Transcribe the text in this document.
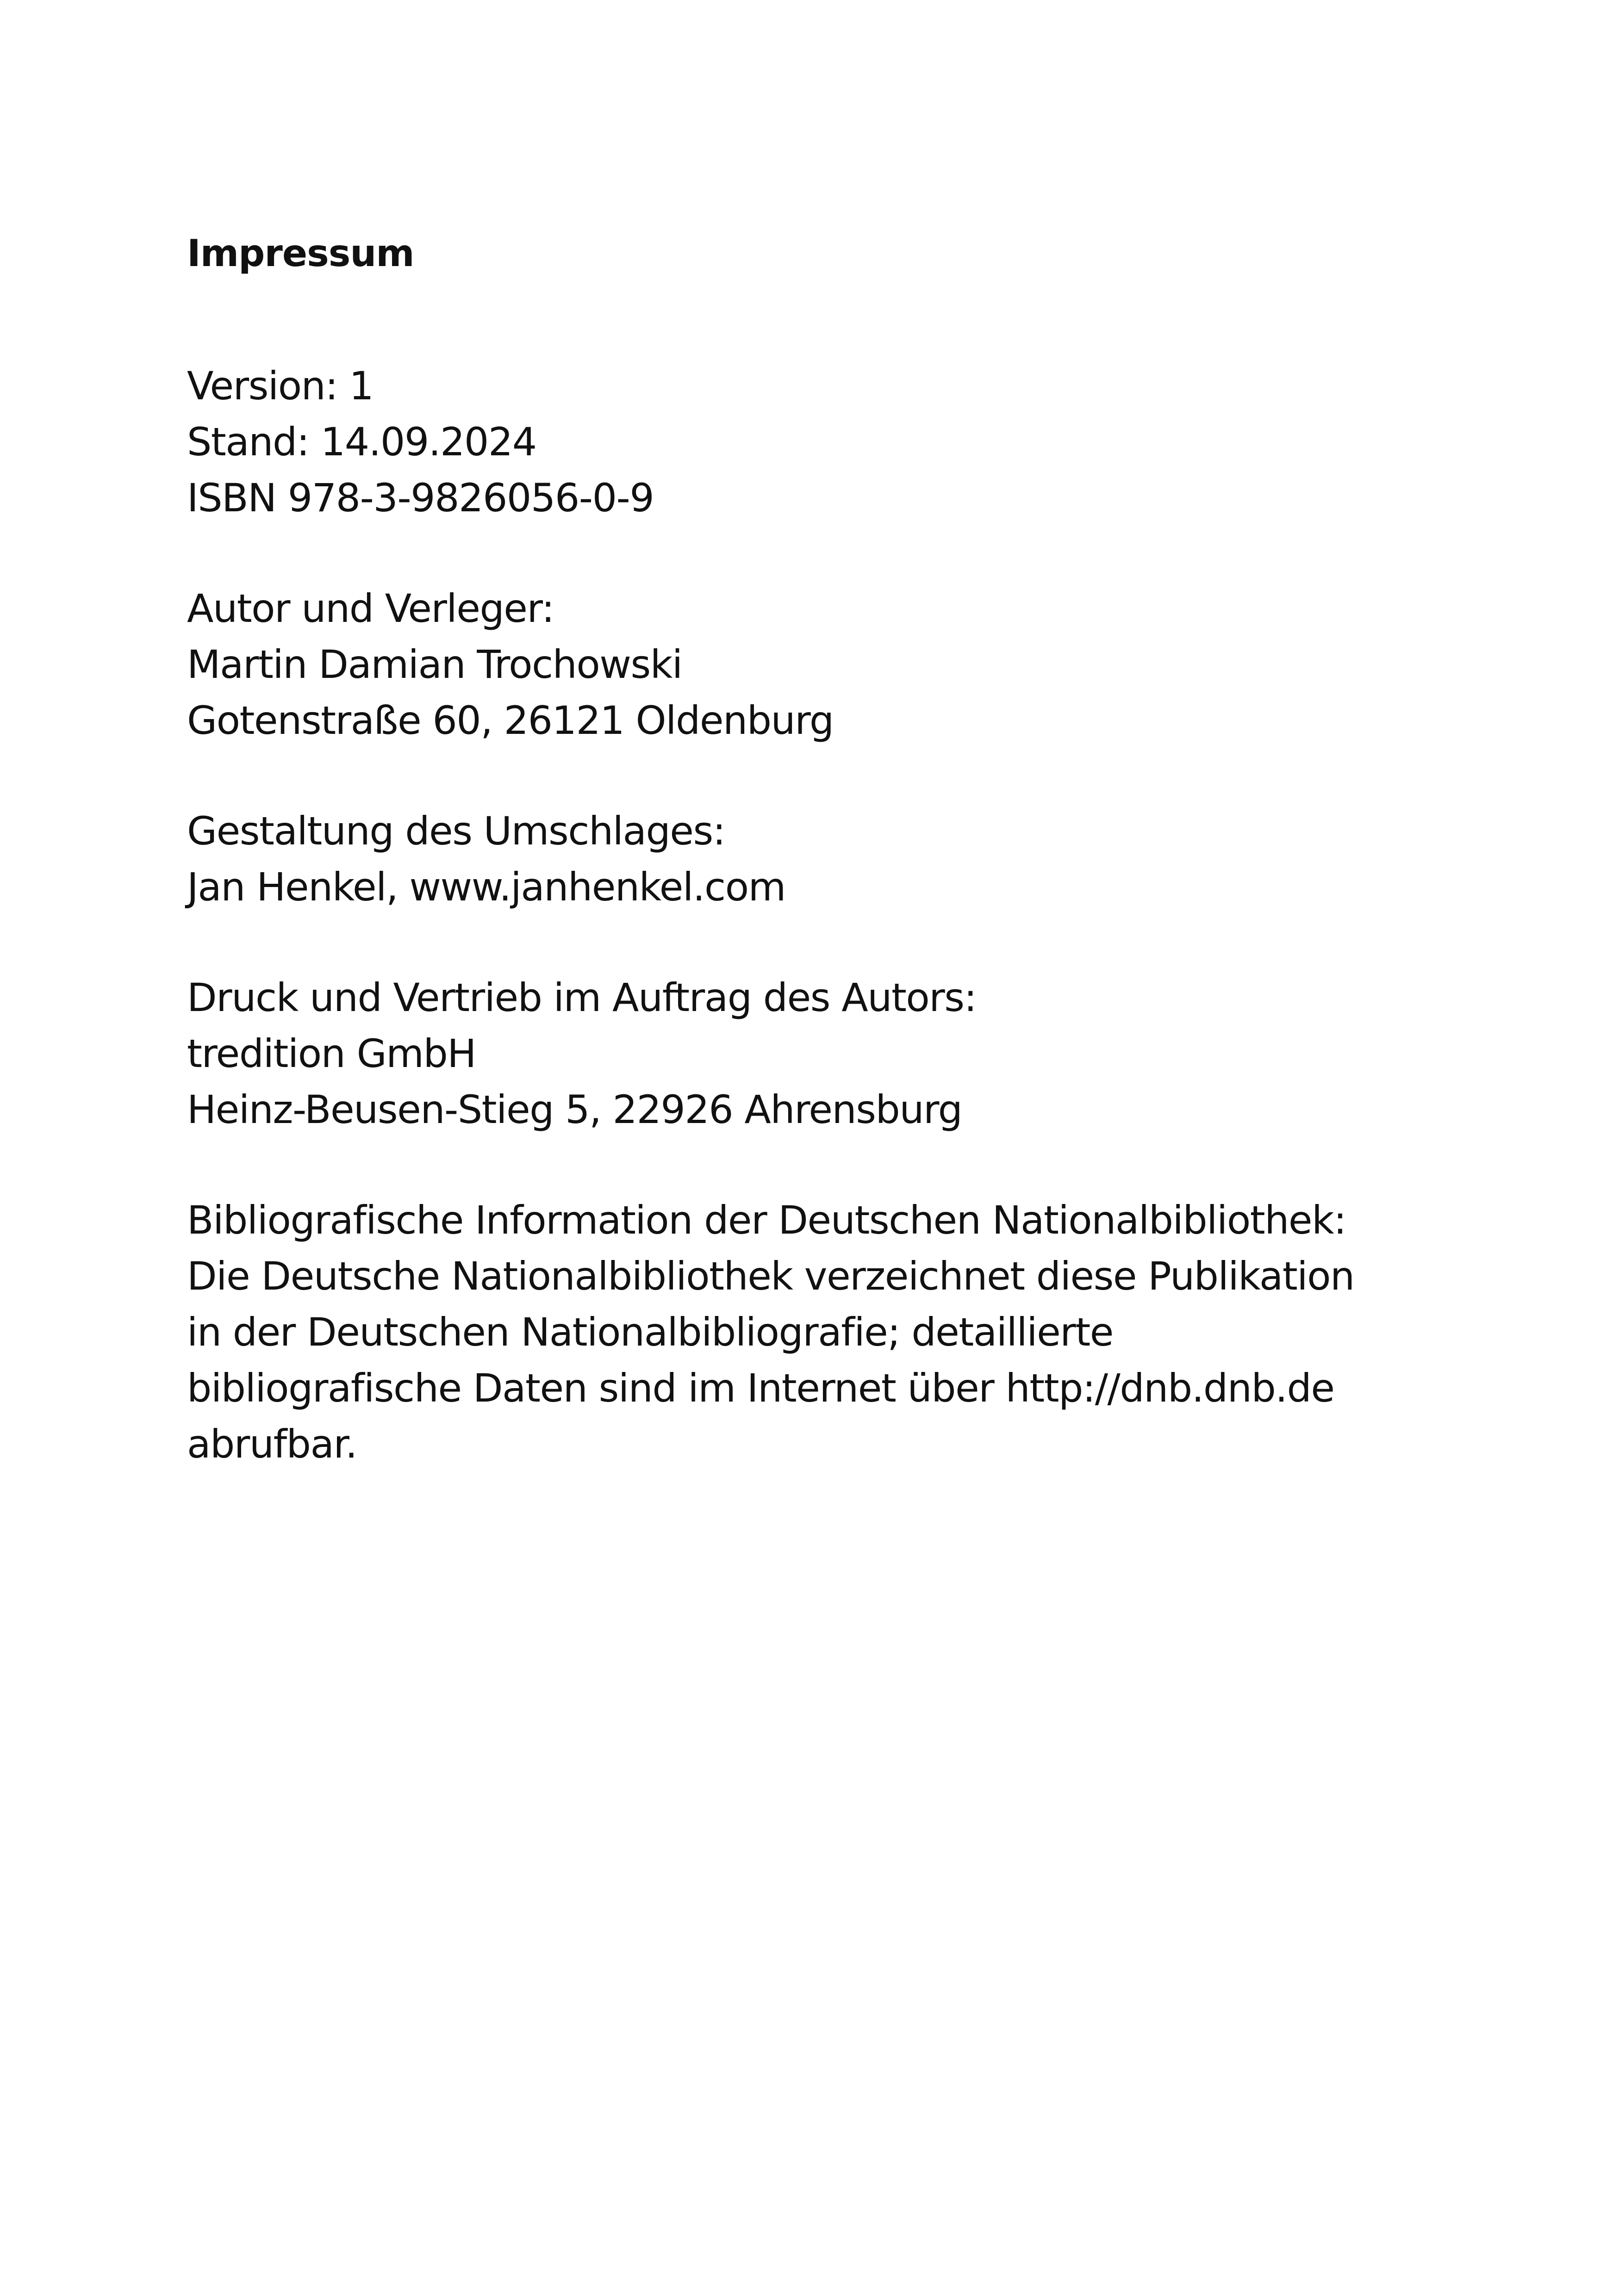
Impressum
Version: 1
Stand: 14.09.2024
ISBN 978-3-9826056-0-9
Autor und Verleger:
Martin Damian Trochowski
Gotenstraße 60, 26121 Oldenburg
Gestaltung des Umschlages:
Jan Henkel, www.janhenkel.com
Druck und Vertrieb im Auftrag des Autors:
tredition GmbH
Heinz-Beusen-Stieg 5, 22926 Ahrensburg
Bibliografische Information der Deutschen Nationalbibliothek:
Die Deutsche Nationalbibliothek verzeichnet diese Publikation
in der Deutschen Nationalbibliografie; detaillierte
bibliografische Daten sind im Internet über http://dnb.dnb.de
abrufbar.
